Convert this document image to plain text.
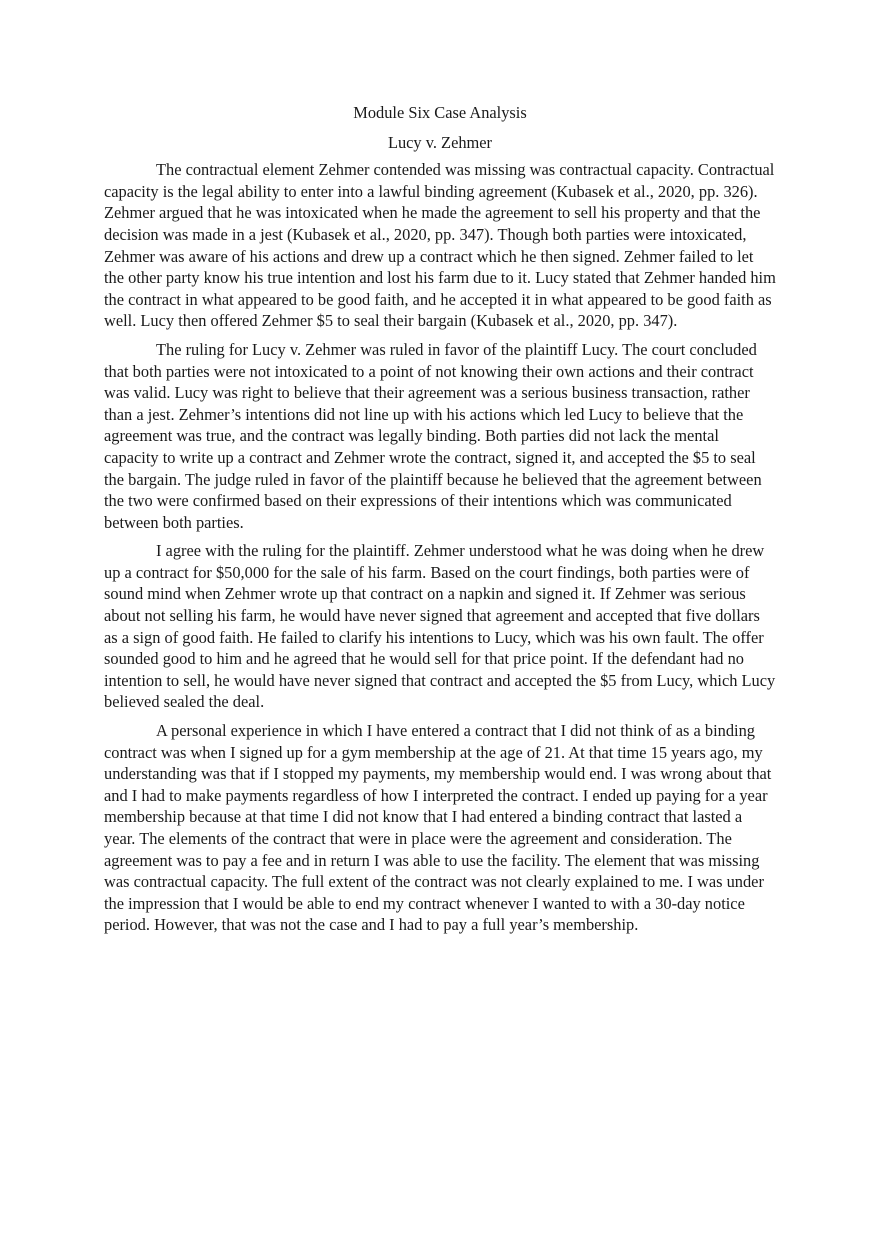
Module Six Case Analysis

Lucy v. Zehmer

The contractual element Zehmer contended was missing was contractual capacity. Contractual capacity is the legal ability to enter into a lawful binding agreement (Kubasek et al., 2020, pp. 326). Zehmer argued that he was intoxicated when he made the agreement to sell his property and that the decision was made in a jest (Kubasek et al., 2020, pp. 347). Though both parties were intoxicated, Zehmer was aware of his actions and drew up a contract which he then signed. Zehmer failed to let the other party know his true intention and lost his farm due to it. Lucy stated that Zehmer handed him the contract in what appeared to be good faith, and he accepted it in what appeared to be good faith as well. Lucy then offered Zehmer $5 to seal their bargain (Kubasek et al., 2020, pp. 347).

The ruling for Lucy v. Zehmer was ruled in favor of the plaintiff Lucy. The court concluded that both parties were not intoxicated to a point of not knowing their own actions and their contract was valid. Lucy was right to believe that their agreement was a serious business transaction, rather than a jest. Zehmer’s intentions did not line up with his actions which led Lucy to believe that the agreement was true, and the contract was legally binding. Both parties did not lack the mental capacity to write up a contract and Zehmer wrote the contract, signed it, and accepted the $5 to seal the bargain. The judge ruled in favor of the plaintiff because he believed that the agreement between the two were confirmed based on their expressions of their intentions which was communicated between both parties.

I agree with the ruling for the plaintiff. Zehmer understood what he was doing when he drew up a contract for $50,000 for the sale of his farm. Based on the court findings, both parties were of sound mind when Zehmer wrote up that contract on a napkin and signed it. If Zehmer was serious about not selling his farm, he would have never signed that agreement and accepted that five dollars as a sign of good faith. He failed to clarify his intentions to Lucy, which was his own fault. The offer sounded good to him and he agreed that he would sell for that price point. If the defendant had no intention to sell, he would have never signed that contract and accepted the $5 from Lucy, which Lucy believed sealed the deal.

A personal experience in which I have entered a contract that I did not think of as a binding contract was when I signed up for a gym membership at the age of 21. At that time 15 years ago, my understanding was that if I stopped my payments, my membership would end. I was wrong about that and I had to make payments regardless of how I interpreted the contract. I ended up paying for a year membership because at that time I did not know that I had entered a binding contract that lasted a year. The elements of the contract that were in place were the agreement and consideration. The agreement was to pay a fee and in return I was able to use the facility. The element that was missing was contractual capacity. The full extent of the contract was not clearly explained to me. I was under the impression that I would be able to end my contract whenever I wanted to with a 30-day notice period. However, that was not the case and I had to pay a full year’s membership.
